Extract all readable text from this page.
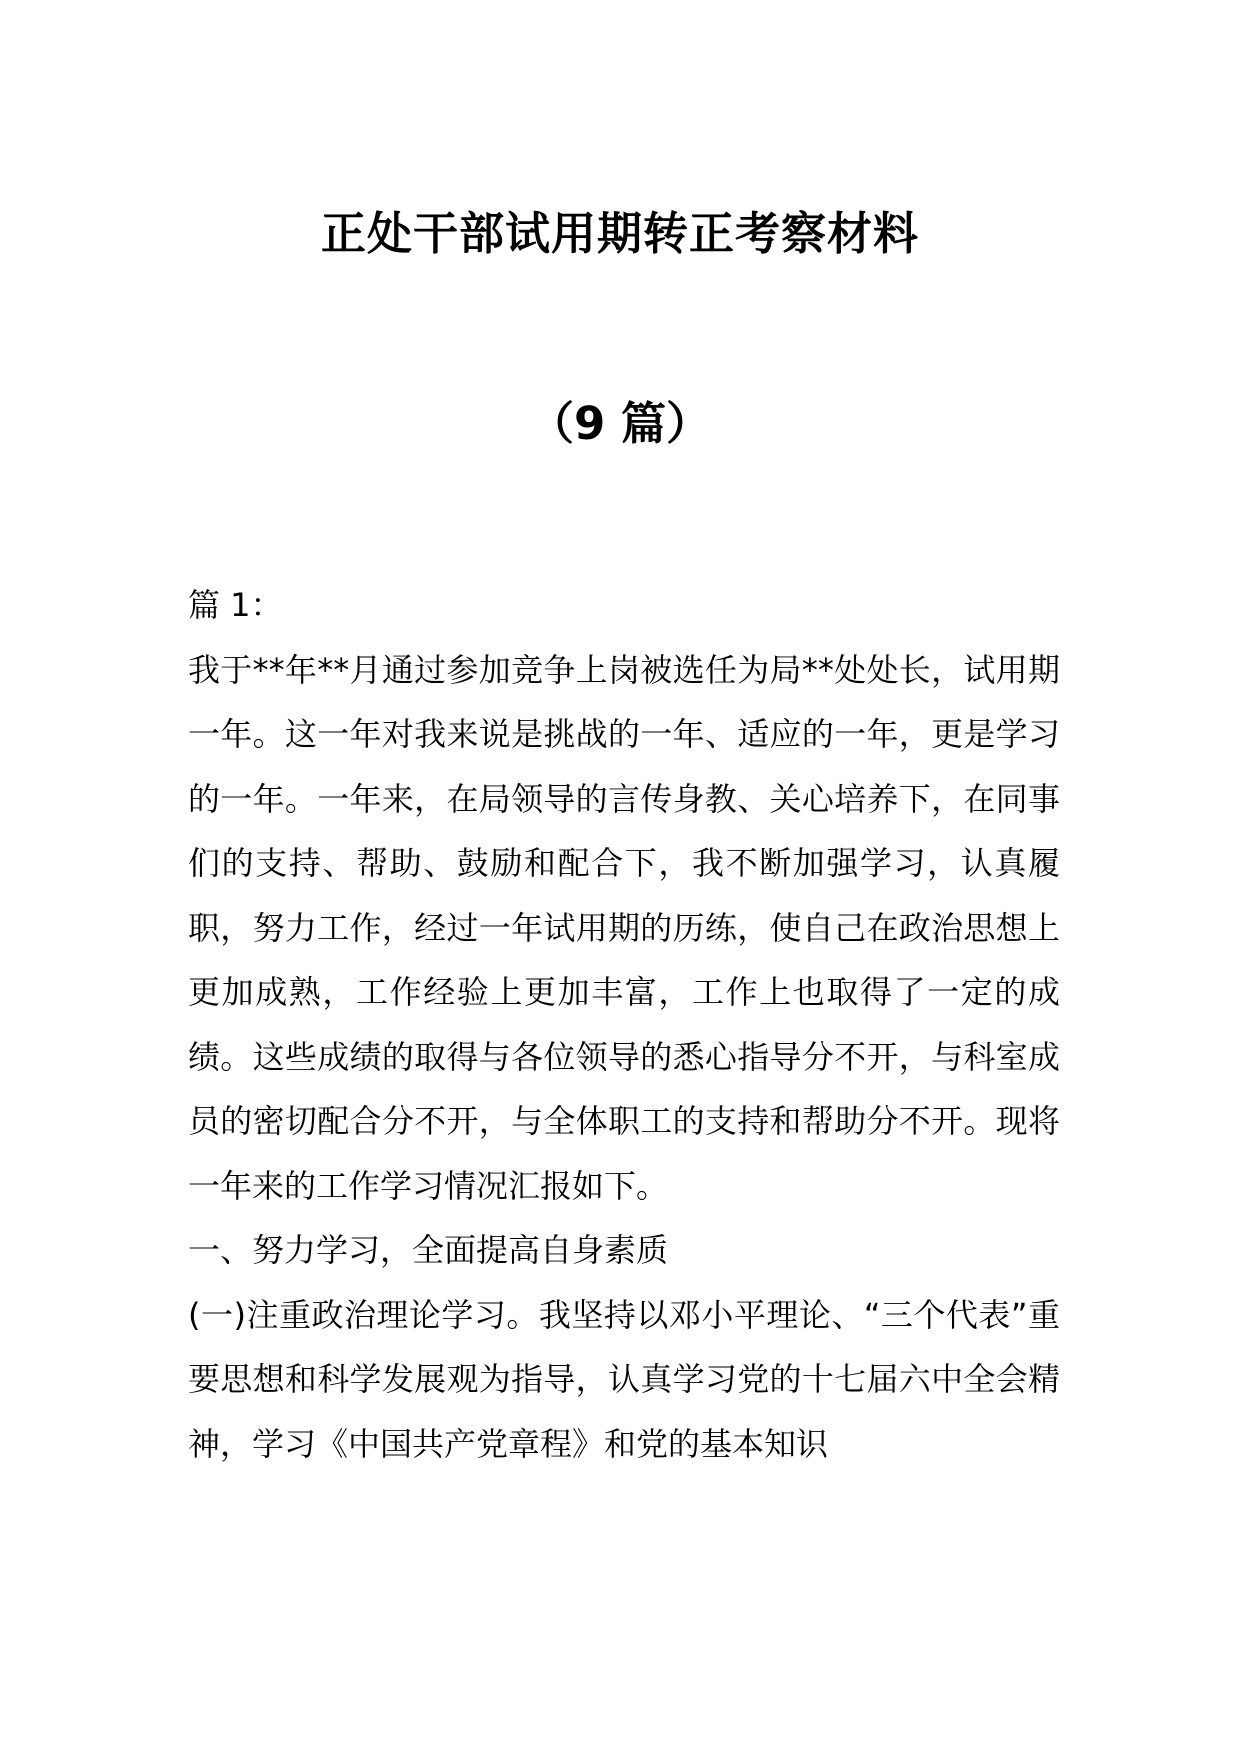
正处干部试用期转正考察材料
（9 篇）

篇 1：

我于**年**月通过参加竞争上岗被选任为局**处处长，试用期一年。这一年对我来说是挑战的一年、适应的一年，更是学习的一年。一年来，在局领导的言传身教、关心培养下，在同事们的支持、帮助、鼓励和配合下，我不断加强学习，认真履职，努力工作，经过一年试用期的历练，使自己在政治思想上更加成熟，工作经验上更加丰富，工作上也取得了一定的成绩。这些成绩的取得与各位领导的悉心指导分不开，与科室成员的密切配合分不开，与全体职工的支持和帮助分不开。现将一年来的工作学习情况汇报如下。

一、努力学习，全面提高自身素质

(一)注重政治理论学习。我坚持以邓小平理论、“三个代表”重要思想和科学发展观为指导，认真学习党的十七届六中全会精神，学习《中国共产党章程》和党的基本知识
